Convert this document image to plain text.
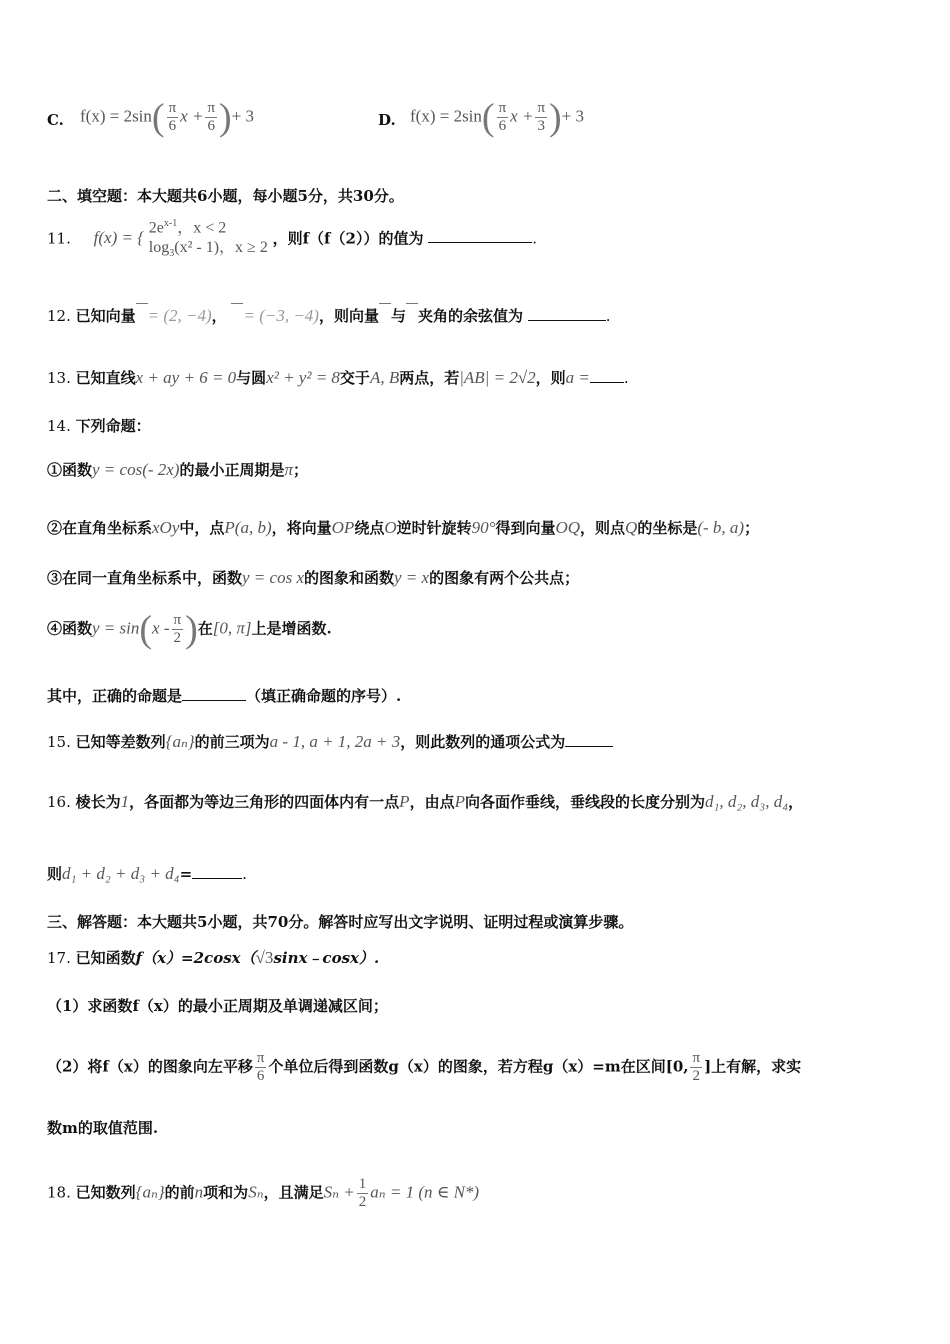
C. $f(x) = 2\sin( \frac{\pi}{6}$ $x + \frac{\pi}{6}$ )+ 3	D. $f(x) = 2\sin( \frac{\pi}{6}$ $x + \frac{\pi}{3}$ )+ 3
二、填空题：本大题共6小题，每小题5分，共30分。
11. f(x) = {
$2e^{x-1}$，x < 2
$\log_3(x^2 - 1)$，x ≥ 2
，则f（f（2））的值为	.
12. 已知向量 = (2, −4)， = (−3, −4)，则向量 与 夹角的余弦值为	.
13. 已知直线x + ay + 6 = 0与圆x² + y² = 8交于A, B两点，若|AB| = 2√2，则a = .
14. 下列命题：
①函数y = cos(- 2x)的最小正周期是π；
②在直角坐标系xOy中，点P(a, b)，将向量OP绕点O逆时针旋转90°得到向量OQ，则点Q的坐标是(- b, a)；
③在同一直角坐标系中，函数y = cos x的图象和函数y = x的图象有两个公共点；
④函数$y = \sin(x - \frac{\pi}{2}$ )在[0, π]上是增函数.
其中，正确的命题是	（填正确命题的序号）.
15. 已知等差数列{aₙ}的前三项为a - 1, a + 1, 2a + 3，则此数列的通项公式为
16. 棱长为1，各面都为等边三角形的四面体内有一点P，由点P向各面作垂线，垂线段的长度分别为d₁, d₂, d₃, d₄，
则d₁ + d₂ + d₃ + d₄=	.
三、解答题：本大题共5小题，共70分。解答时应写出文字说明、证明过程或演算步骤。
17. 已知函数f（x）=2cosx（√3sinx﹣cosx）.
（1）求函数f（x）的最小正周期及单调递减区间；
（2）将f（x）的图象向左平移 $\frac{\pi}{6}$ 个单位后得到函数g（x）的图象，若方程g（x）=m在区间[0, $\frac{\pi}{2}$ ]上有解，求实
数m的取值范围.
18. 已知数列{aₙ}的前n项和为Sₙ，且满足$S_n + \frac{1}{2}$ aₙ = 1 (n ∈ N*)
